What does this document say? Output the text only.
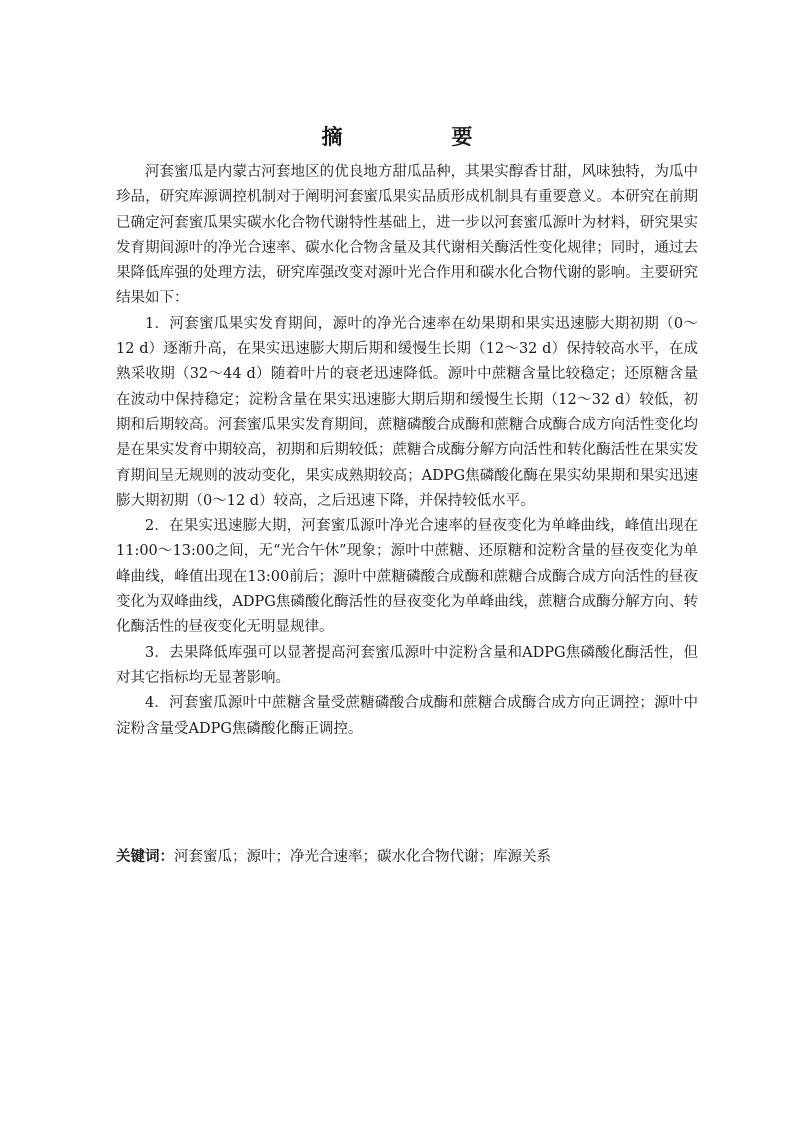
摘　要

河套蜜瓜是内蒙古河套地区的优良地方甜瓜品种，其果实醇香甘甜，风味独特，为瓜中珍品，研究库源调控机制对于阐明河套蜜瓜果实品质形成机制具有重要意义。本研究在前期已确定河套蜜瓜果实碳水化合物代谢特性基础上，进一步以河套蜜瓜源叶为材料，研究果实发育期间源叶的净光合速率、碳水化合物含量及其代谢相关酶活性变化规律；同时，通过去果降低库强的处理方法，研究库强改变对源叶光合作用和碳水化合物代谢的影响。主要研究结果如下：

1．河套蜜瓜果实发育期间，源叶的净光合速率在幼果期和果实迅速膨大期初期（0～12 d）逐渐升高，在果实迅速膨大期后期和缓慢生长期（12～32 d）保持较高水平，在成熟采收期（32～44 d）随着叶片的衰老迅速降低。源叶中蔗糖含量比较稳定；还原糖含量在波动中保持稳定；淀粉含量在果实迅速膨大期后期和缓慢生长期（12～32 d）较低，初期和后期较高。河套蜜瓜果实发育期间，蔗糖磷酸合成酶和蔗糖合成酶合成方向活性变化均是在果实发育中期较高，初期和后期较低；蔗糖合成酶分解方向活性和转化酶活性在果实发育期间呈无规则的波动变化，果实成熟期较高；ADPG焦磷酸化酶在果实幼果期和果实迅速膨大期初期（0～12 d）较高，之后迅速下降，并保持较低水平。

2．在果实迅速膨大期，河套蜜瓜源叶净光合速率的昼夜变化为单峰曲线，峰值出现在11:00～13:00之间，无“光合午休”现象；源叶中蔗糖、还原糖和淀粉含量的昼夜变化为单峰曲线，峰值出现在13:00前后；源叶中蔗糖磷酸合成酶和蔗糖合成酶合成方向活性的昼夜变化为双峰曲线，ADPG焦磷酸化酶活性的昼夜变化为单峰曲线，蔗糖合成酶分解方向、转化酶活性的昼夜变化无明显规律。

3．去果降低库强可以显著提高河套蜜瓜源叶中淀粉含量和ADPG焦磷酸化酶活性，但对其它指标均无显著影响。

4．河套蜜瓜源叶中蔗糖含量受蔗糖磷酸合成酶和蔗糖合成酶合成方向正调控；源叶中淀粉含量受ADPG焦磷酸化酶正调控。

关键词：河套蜜瓜；源叶；净光合速率；碳水化合物代谢；库源关系
